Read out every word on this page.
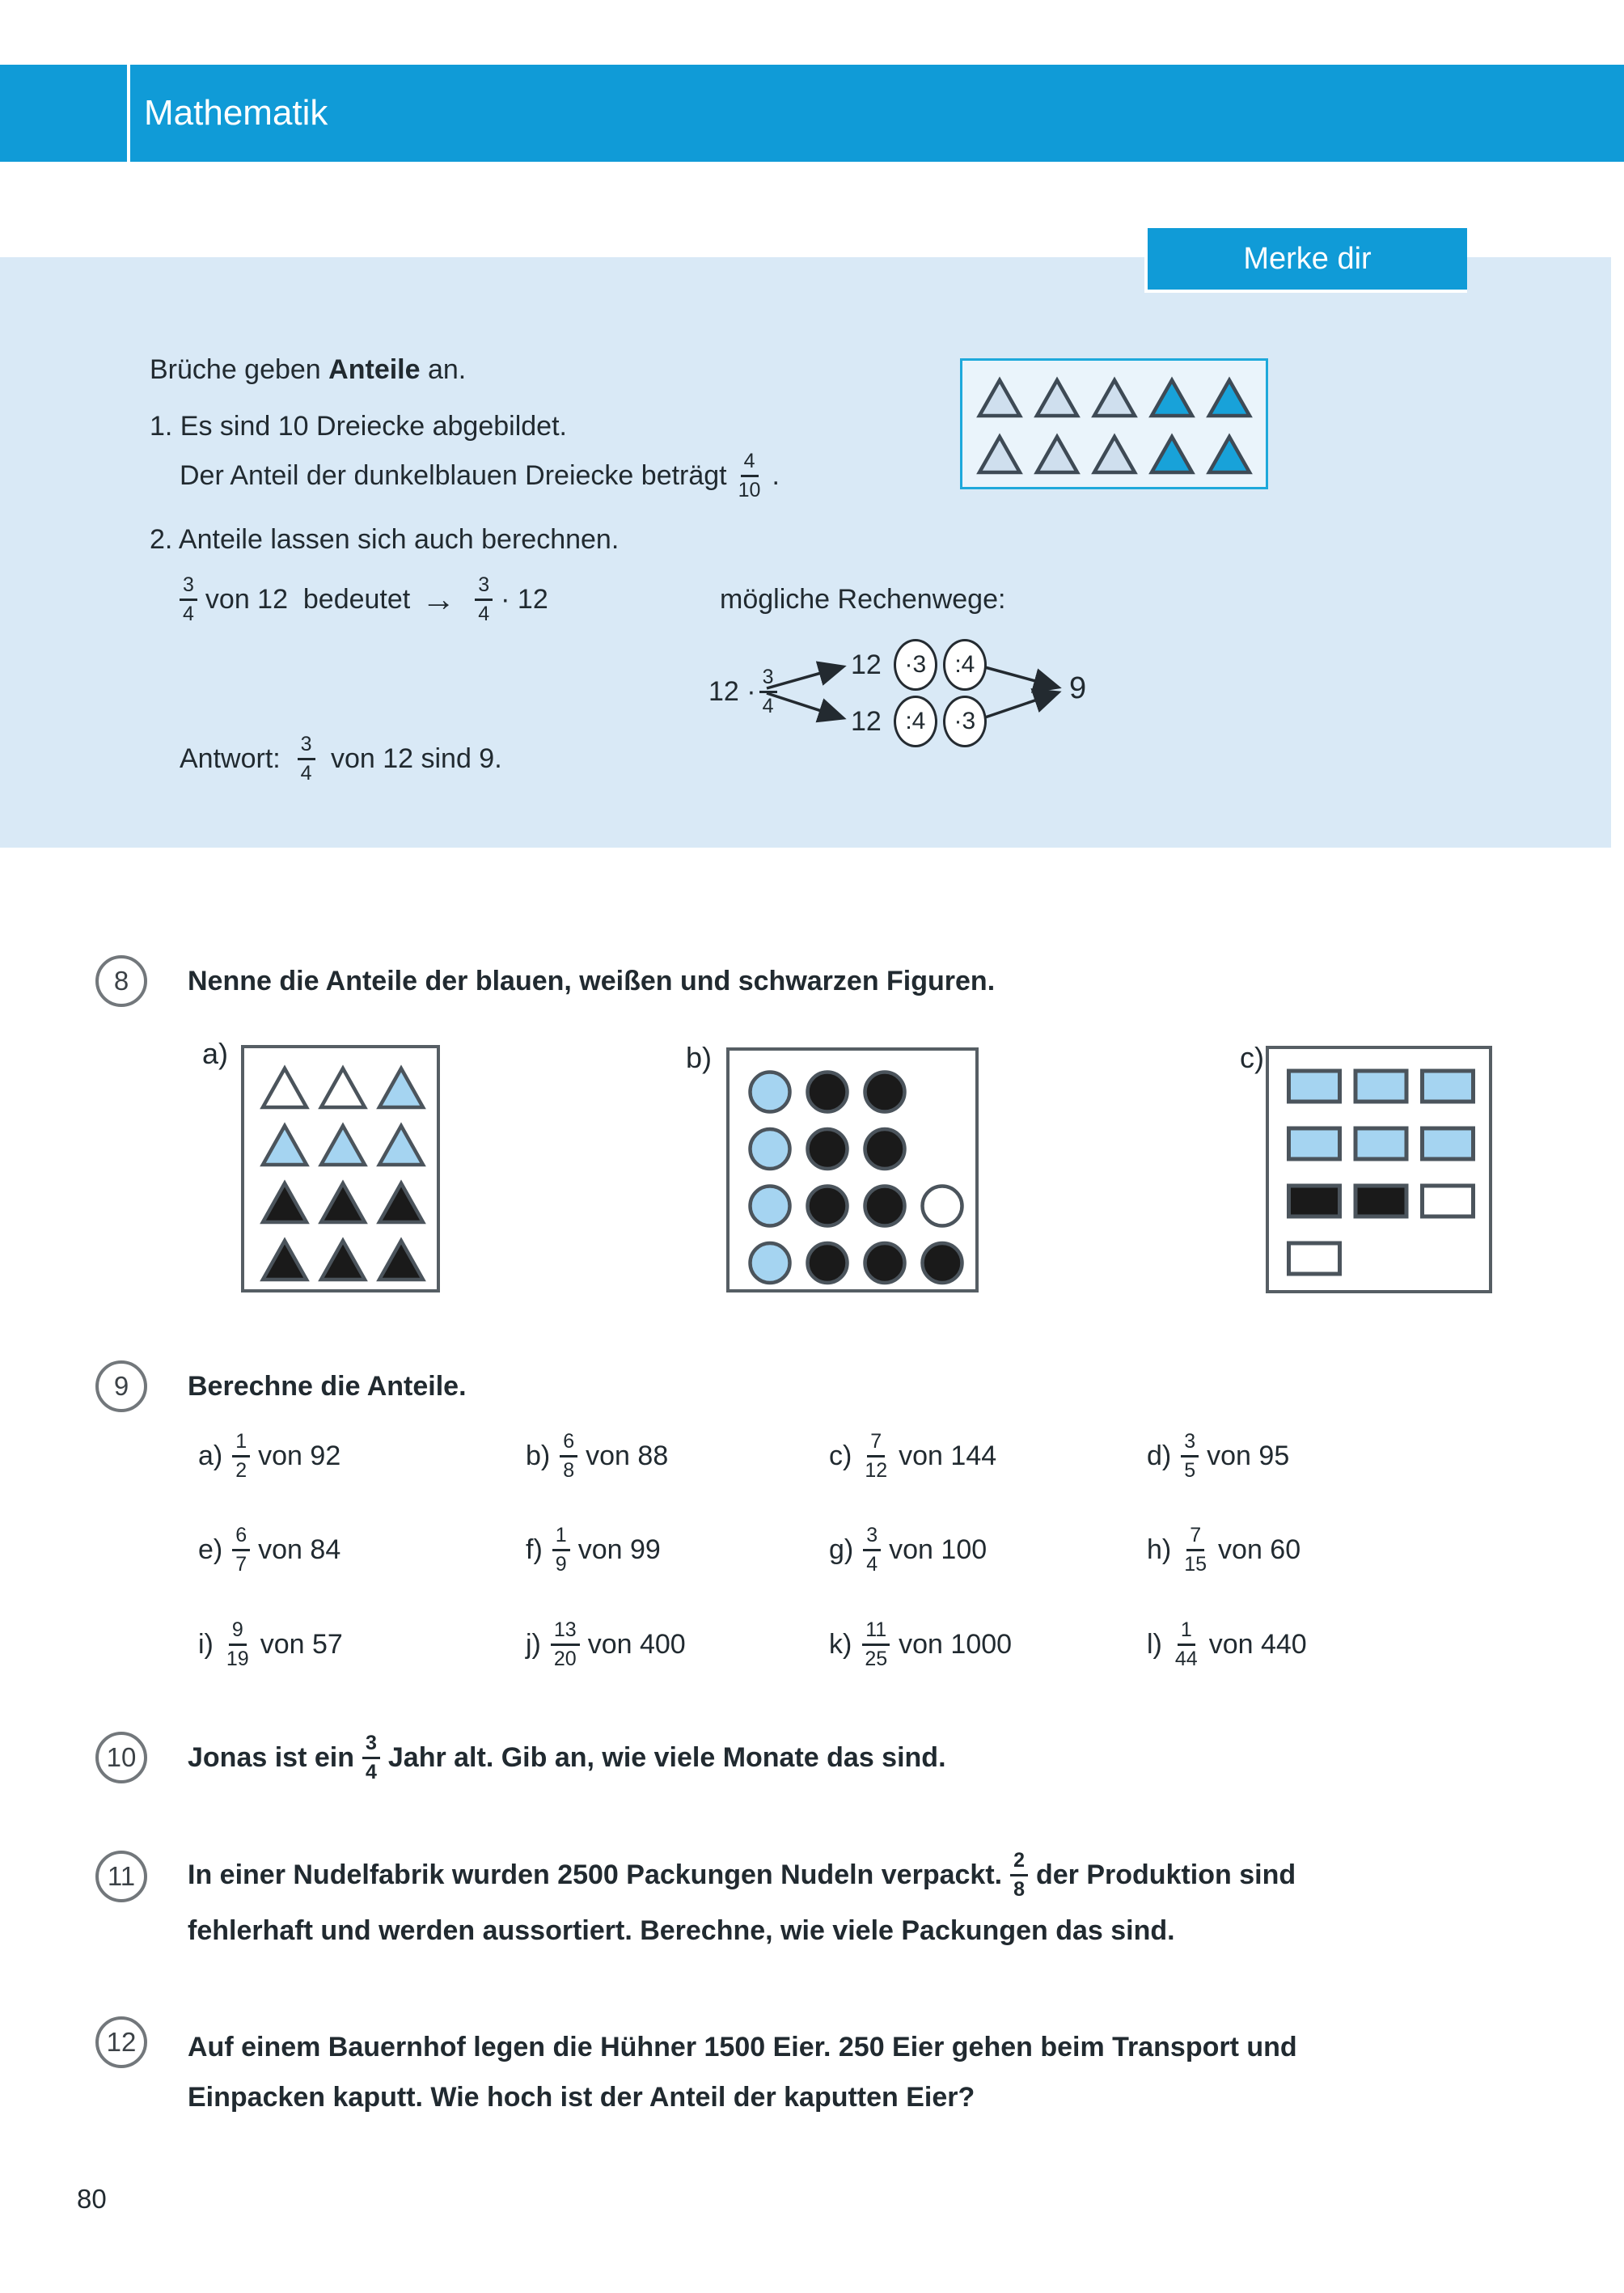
Mathematik
Merke dir
Brüche geben Anteile an.
1. Es sind 10 Dreiecke abgebildet.
Der Anteil der dunkelblauen Dreiecke beträgt $\frac{4}{10}$ .
2. Anteile lassen sich auch berechnen.
$\frac{3}{4}$ von 12  bedeutet → $\frac{3}{4} \cdot 12$	mögliche Rechenwege:
$12 \cdot \frac{3}{4}$
12 ·3	:4
12 :4	·3
9
Antwort: $\frac{3}{4}$ von 12 sind 9.
8 Nenne die Anteile der blauen, weißen und schwarzen Figuren.
a)	b)	c)
9 Berechne die Anteile.
$a) \frac{1}{2}$ von 92	$b) \frac{6}{8}$ von 88	$c) \frac{7}{12}$ von 144	$d) \frac{3}{5}$ von 95
$e) \frac{6}{7}$ von 84	$f) \frac{1}{9}$ von 99	$g) \frac{3}{4}$ von 100	$h) \frac{7}{15}$ von 60
$i) \frac{9}{19}$ von 57	$j) \frac{13}{20}$ von 400	$k) \frac{11}{25}$ von 1000	$l) \frac{1}{44}$ von 440
10 Jonas ist ein $\frac{3}{4}$ Jahr alt. Gib an, wie viele Monate das sind.
11 In einer Nudelfabrik wurden 2500 Packungen Nudeln verpackt. $\frac{2}{8}$ der Produktion sind
fehlerhaft und werden aussortiert. Berechne, wie viele Packungen das sind.
12 Auf einem Bauernhof legen die Hühner 1500 Eier. 250 Eier gehen beim Transport und
Einpacken kaputt. Wie hoch ist der Anteil der kaputten Eier?
80
